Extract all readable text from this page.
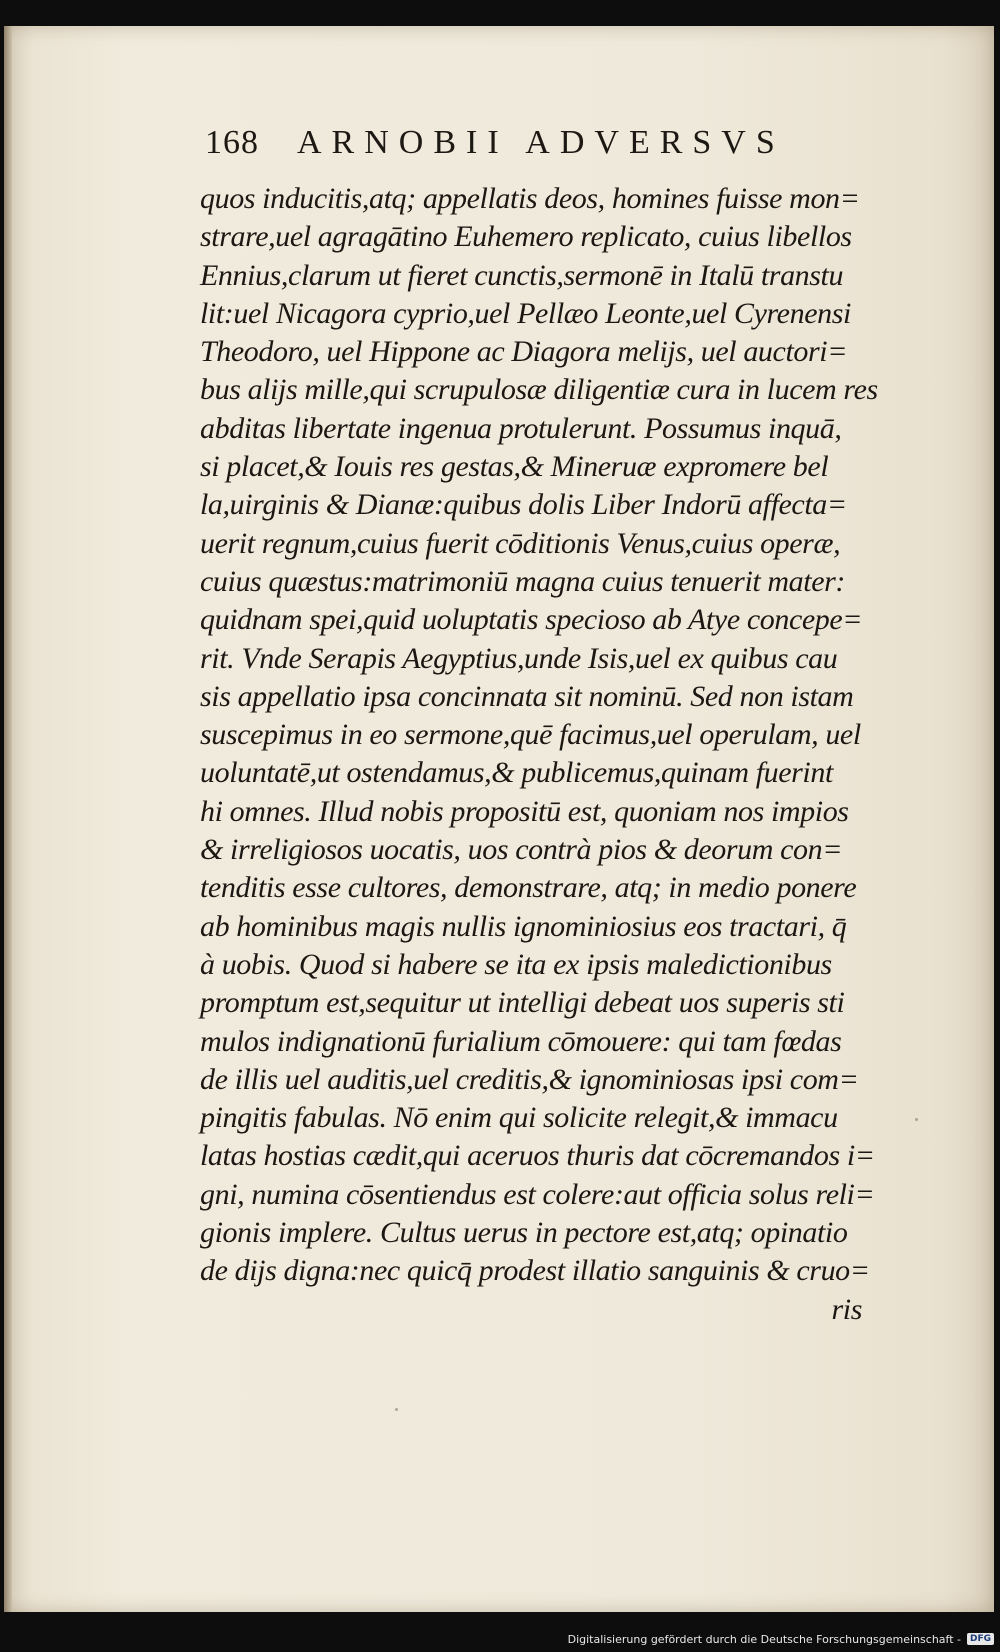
168 ARNOBII ADVERSVS
quos inducitis,atq; appellatis deos, homines fuisse mon=
strare,uel agragātino Euhemero replicato, cuius libellos
Ennius,clarum ut fieret cunctis,sermonē in Italū transtu
lit:uel Nicagora cyprio,uel Pellæo Leonte,uel Cyrenensi
Theodoro, uel Hippone ac Diagora melijs, uel auctori=
bus alijs mille,qui scrupulosæ diligentiæ cura in lucem res
abditas libertate ingenua protulerunt. Possumus inquā,
si placet,& Iouis res gestas,& Mineruæ expromere bel
la,uirginis & Dianæ:quibus dolis Liber Indorū affecta=
uerit regnum,cuius fuerit cōditionis Venus,cuius operæ,
cuius quæstus:matrimoniū magna cuius tenuerit mater:
quidnam spei,quid uoluptatis specioso ab Atye concepe=
rit. Vnde Serapis Aegyptius,unde Isis,uel ex quibus cau
sis appellatio ipsa concinnata sit nominū. Sed non istam
suscepimus in eo sermone,quē facimus,uel operulam, uel
uoluntatē,ut ostendamus,& publicemus,quinam fuerint
hi omnes. Illud nobis propositū est, quoniam nos impios
& irreligiosos uocatis, uos contrà pios & deorum con=
tenditis esse cultores, demonstrare, atq; in medio ponere
ab hominibus magis nullis ignominiosius eos tractari, q̄
à uobis. Quod si habere se ita ex ipsis maledictionibus
promptum est,sequitur ut intelligi debeat uos superis sti
mulos indignationū furialium cōmouere: qui tam fœdas
de illis uel auditis,uel creditis,& ignominiosas ipsi com=
pingitis fabulas. Nō enim qui solicite relegit,& immacu
latas hostias cædit,qui aceruos thuris dat cōcremandos i=
gni, numina cōsentiendus est colere:aut officia solus reli=
gionis implere. Cultus uerus in pectore est,atq; opinatio
de dijs digna:nec quicq̄ prodest illatio sanguinis & cruo=
ris
Digitalisierung gefördert durch die Deutsche Forschungsgemeinschaft -	DFG
